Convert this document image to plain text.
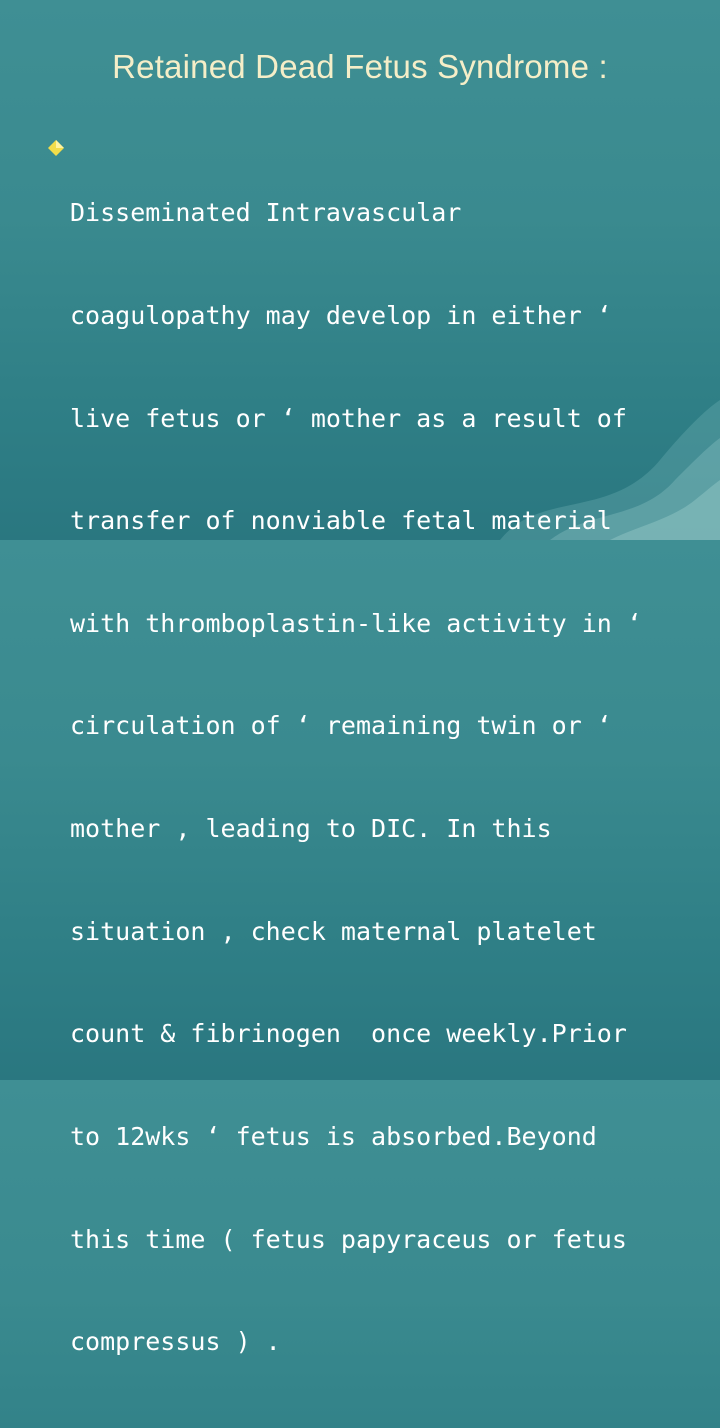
Retained Dead Fetus Syndrome :

Disseminated Intravascular

coagulopathy may develop in either ‘

live fetus or ‘ mother as a result of

transfer of nonviable fetal material

with thromboplastin-like activity in ‘

circulation of ‘ remaining twin or ‘

mother , leading to DIC. In this

situation , check maternal platelet

count & fibrinogen  once weekly.Prior

to 12wks ‘ fetus is absorbed.Beyond

this time ( fetus papyraceus or fetus

compressus ) .
